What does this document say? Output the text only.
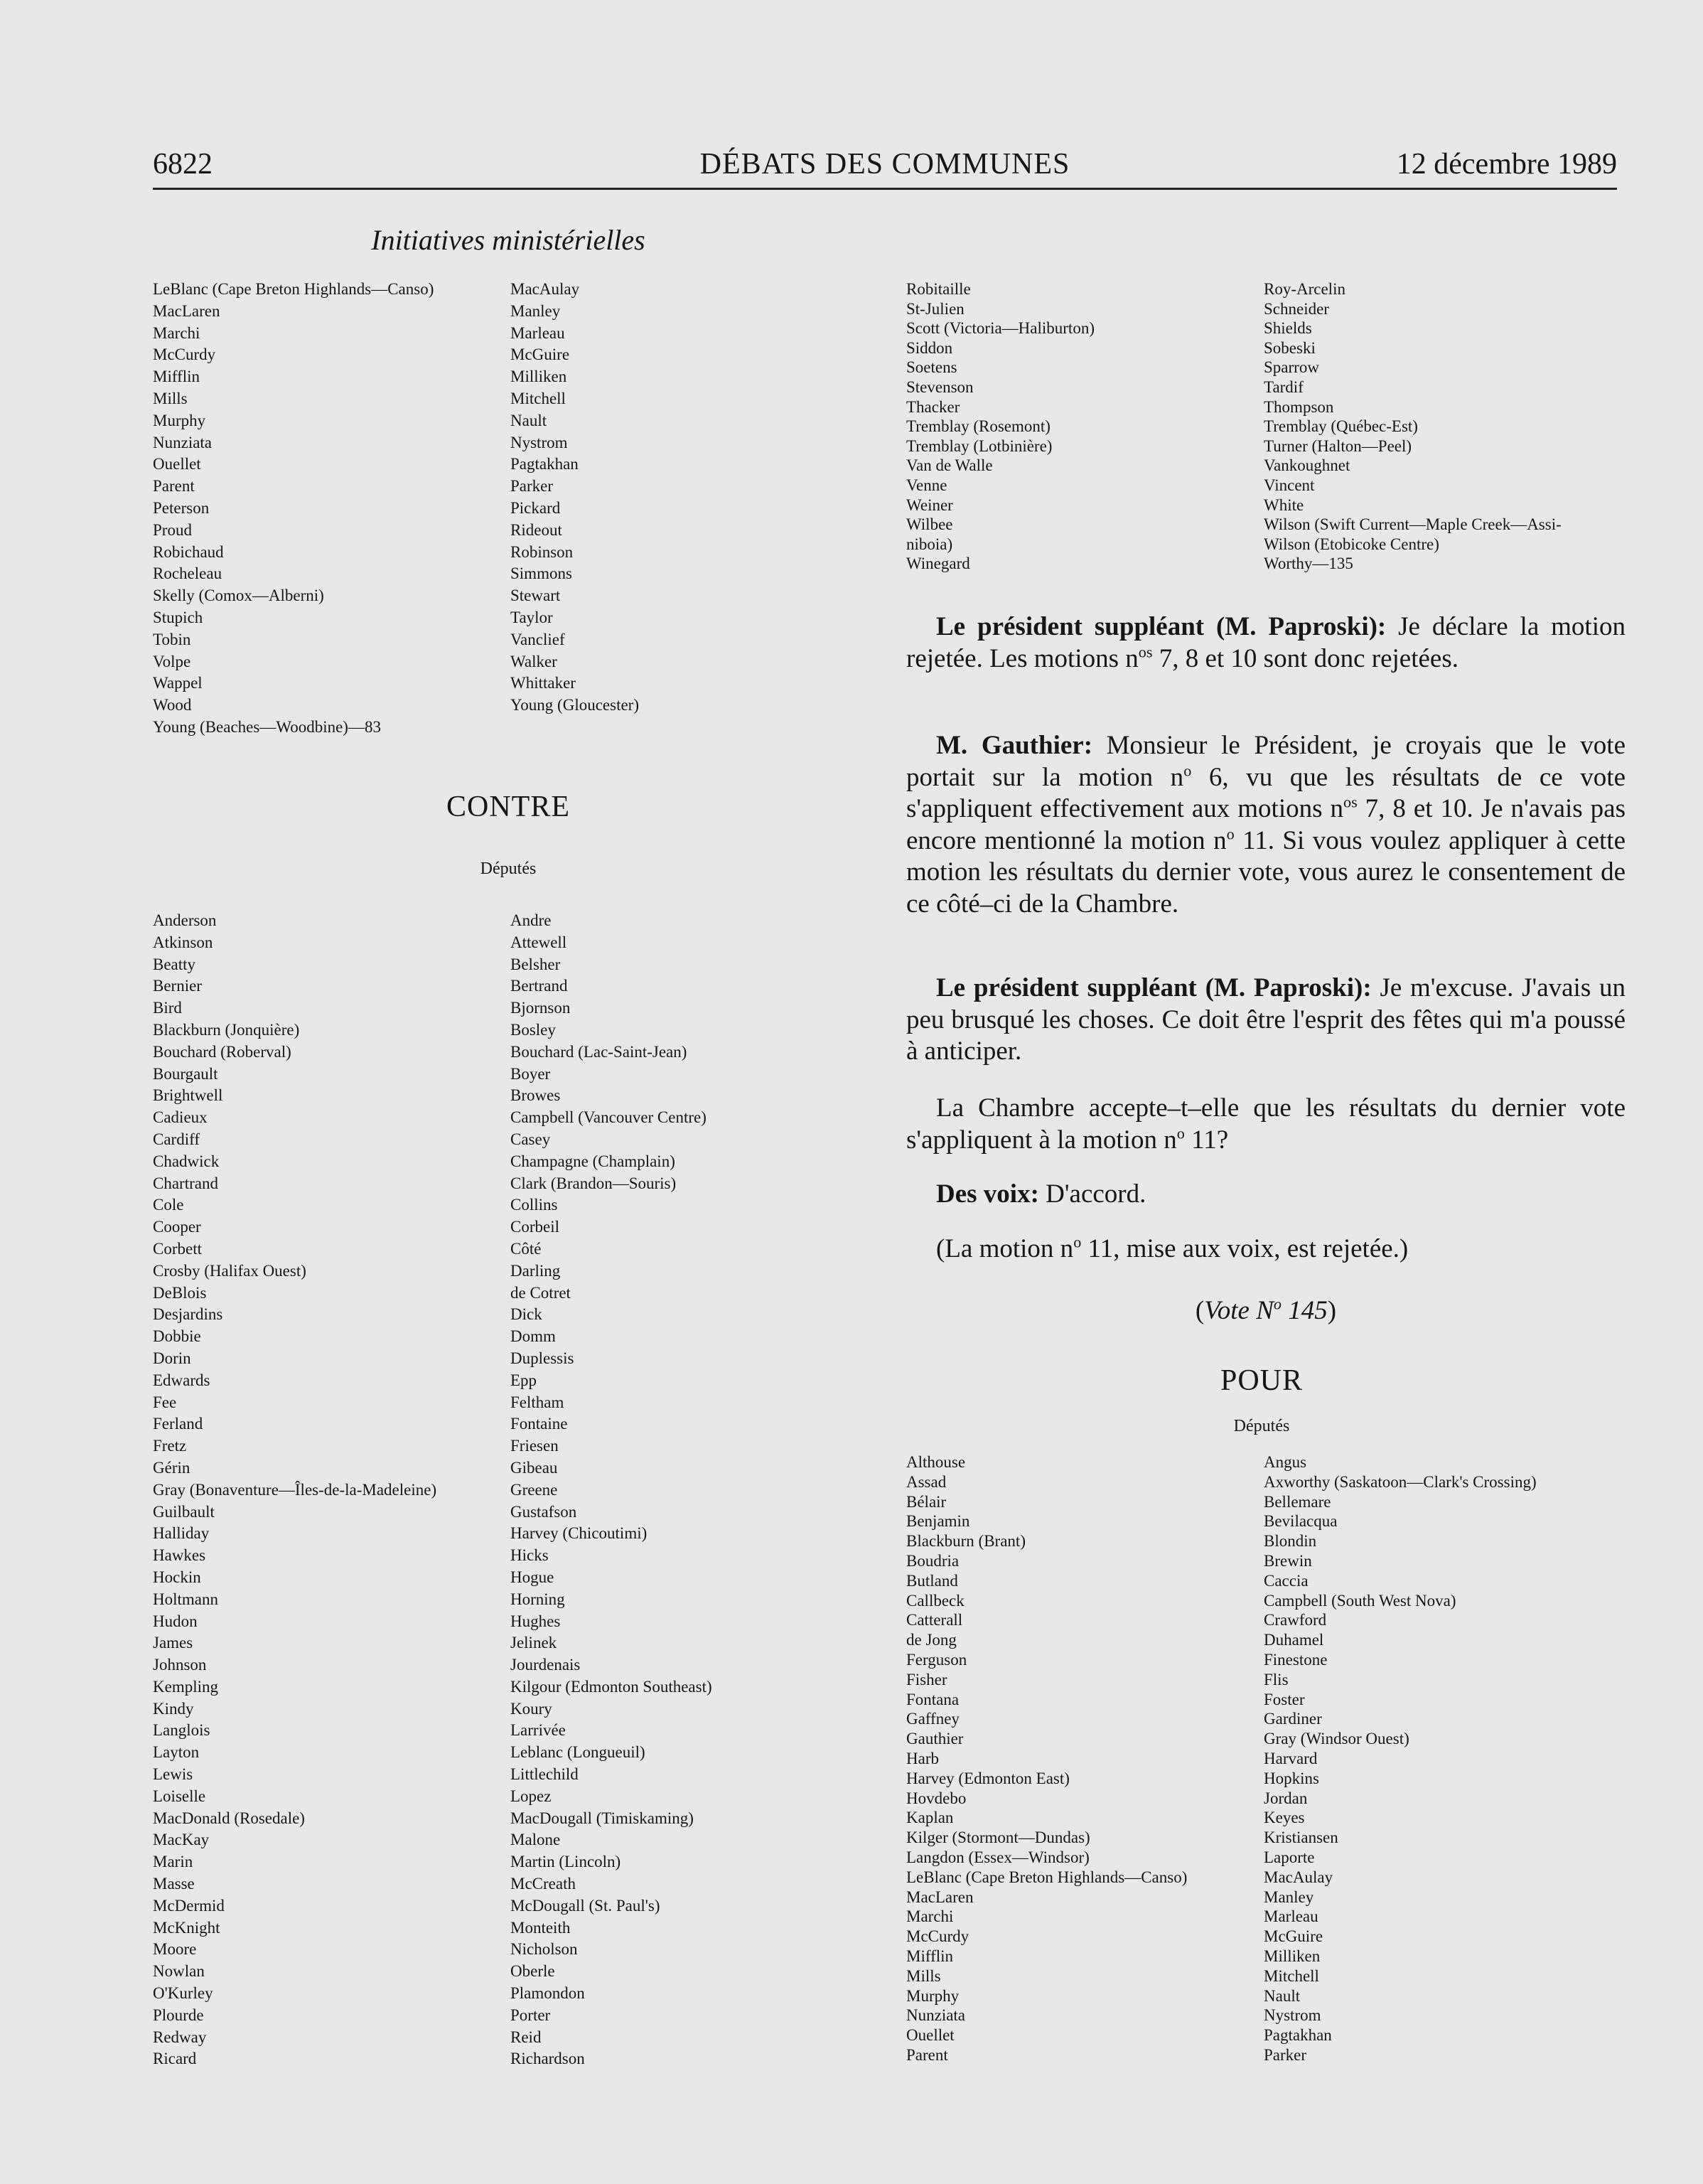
6822	DÉBATS DES COMMUNES	12 décembre 1989
Initiatives ministérielles
LeBlanc (Cape Breton Highlands—Canso)
MacLaren
Marchi
McCurdy
Mifflin
Mills
Murphy
Nunziata
Ouellet
Parent
Peterson
Proud
Robichaud
Rocheleau
Skelly (Comox—Alberni)
Stupich
Tobin
Volpe
Wappel
Wood
Young (Beaches—Woodbine)—83
MacAulay
Manley
Marleau
McGuire
Milliken
Mitchell
Nault
Nystrom
Pagtakhan
Parker
Pickard
Rideout
Robinson
Simmons
Stewart
Taylor
Vanclief
Walker
Whittaker
Young (Gloucester)
CONTRE
Députés
Anderson
Atkinson
Beatty
Bernier
Bird
Blackburn (Jonquière)
Bouchard (Roberval)
Bourgault
Brightwell
Cadieux
Cardiff
Chadwick
Chartrand
Cole
Cooper
Corbett
Crosby (Halifax Ouest)
DeBlois
Desjardins
Dobbie
Dorin
Edwards
Fee
Ferland
Fretz
Gérin
Gray (Bonaventure—Îles-de-la-Madeleine)
Guilbault
Halliday
Hawkes
Hockin
Holtmann
Hudon
James
Johnson
Kempling
Kindy
Langlois
Layton
Lewis
Loiselle
MacDonald (Rosedale)
MacKay
Marin
Masse
McDermid
McKnight
Moore
Nowlan
O'Kurley
Plourde
Redway
Ricard
Andre
Attewell
Belsher
Bertrand
Bjornson
Bosley
Bouchard (Lac-Saint-Jean)
Boyer
Browes
Campbell (Vancouver Centre)
Casey
Champagne (Champlain)
Clark (Brandon—Souris)
Collins
Corbeil
Côté
Darling
de Cotret
Dick
Domm
Duplessis
Epp
Feltham
Fontaine
Friesen
Gibeau
Greene
Gustafson
Harvey (Chicoutimi)
Hicks
Hogue
Horning
Hughes
Jelinek
Jourdenais
Kilgour (Edmonton Southeast)
Koury
Larrivée
Leblanc (Longueuil)
Littlechild
Lopez
MacDougall (Timiskaming)
Malone
Martin (Lincoln)
McCreath
McDougall (St. Paul's)
Monteith
Nicholson
Oberle
Plamondon
Porter
Reid
Richardson
Robitaille
St-Julien
Scott (Victoria—Haliburton)
Siddon
Soetens
Stevenson
Thacker
Tremblay (Rosemont)
Tremblay (Lotbinière)
Van de Walle
Venne
Weiner
Wilbee
niboia)
Winegard
Roy-Arcelin
Schneider
Shields
Sobeski
Sparrow
Tardif
Thompson
Tremblay (Québec-Est)
Turner (Halton—Peel)
Vankoughnet
Vincent
White
Wilson (Swift Current—Maple Creek—Assi-
Wilson (Etobicoke Centre)
Worthy—135

Le président suppléant (M. Paproski): Je déclare la motion rejetée. Les motions $n^{os}$ 7, 8 et 10 sont donc rejetées.

M. Gauthier: Monsieur le Président, je croyais que le vote portait sur la motion $n^o$ 6, vu que les résultats de ce vote s'appliquent effectivement aux motions $n^{os}$ 7, 8 et 10. Je n'avais pas encore mentionné la motion $n^o$ 11. Si vous voulez appliquer à cette motion les résultats du dernier vote, vous aurez le consentement de ce côté–ci de la Chambre.

Le président suppléant (M. Paproski): Je m'excuse. J'avais un peu brusqué les choses. Ce doit être l'esprit des fêtes qui m'a poussé à anticiper.

La Chambre accepte–t–elle que les résultats du dernier vote s'appliquent à la motion $n^o$ 11?

Des voix: D'accord.

(La motion $n^o$ 11, mise aux voix, est rejetée.)

(Vote $N^o$ 145)

POUR
Députés
Althouse
Assad
Bélair
Benjamin
Blackburn (Brant)
Boudria
Butland
Callbeck
Catterall
de Jong
Ferguson
Fisher
Fontana
Gaffney
Gauthier
Harb
Harvey (Edmonton East)
Hovdebo
Kaplan
Kilger (Stormont—Dundas)
Langdon (Essex—Windsor)
LeBlanc (Cape Breton Highlands—Canso)
MacLaren
Marchi
McCurdy
Mifflin
Mills
Murphy
Nunziata
Ouellet
Parent
Angus
Axworthy (Saskatoon—Clark's Crossing)
Bellemare
Bevilacqua
Blondin
Brewin
Caccia
Campbell (South West Nova)
Crawford
Duhamel
Finestone
Flis
Foster
Gardiner
Gray (Windsor Ouest)
Harvard
Hopkins
Jordan
Keyes
Kristiansen
Laporte
MacAulay
Manley
Marleau
McGuire
Milliken
Mitchell
Nault
Nystrom
Pagtakhan
Parker
